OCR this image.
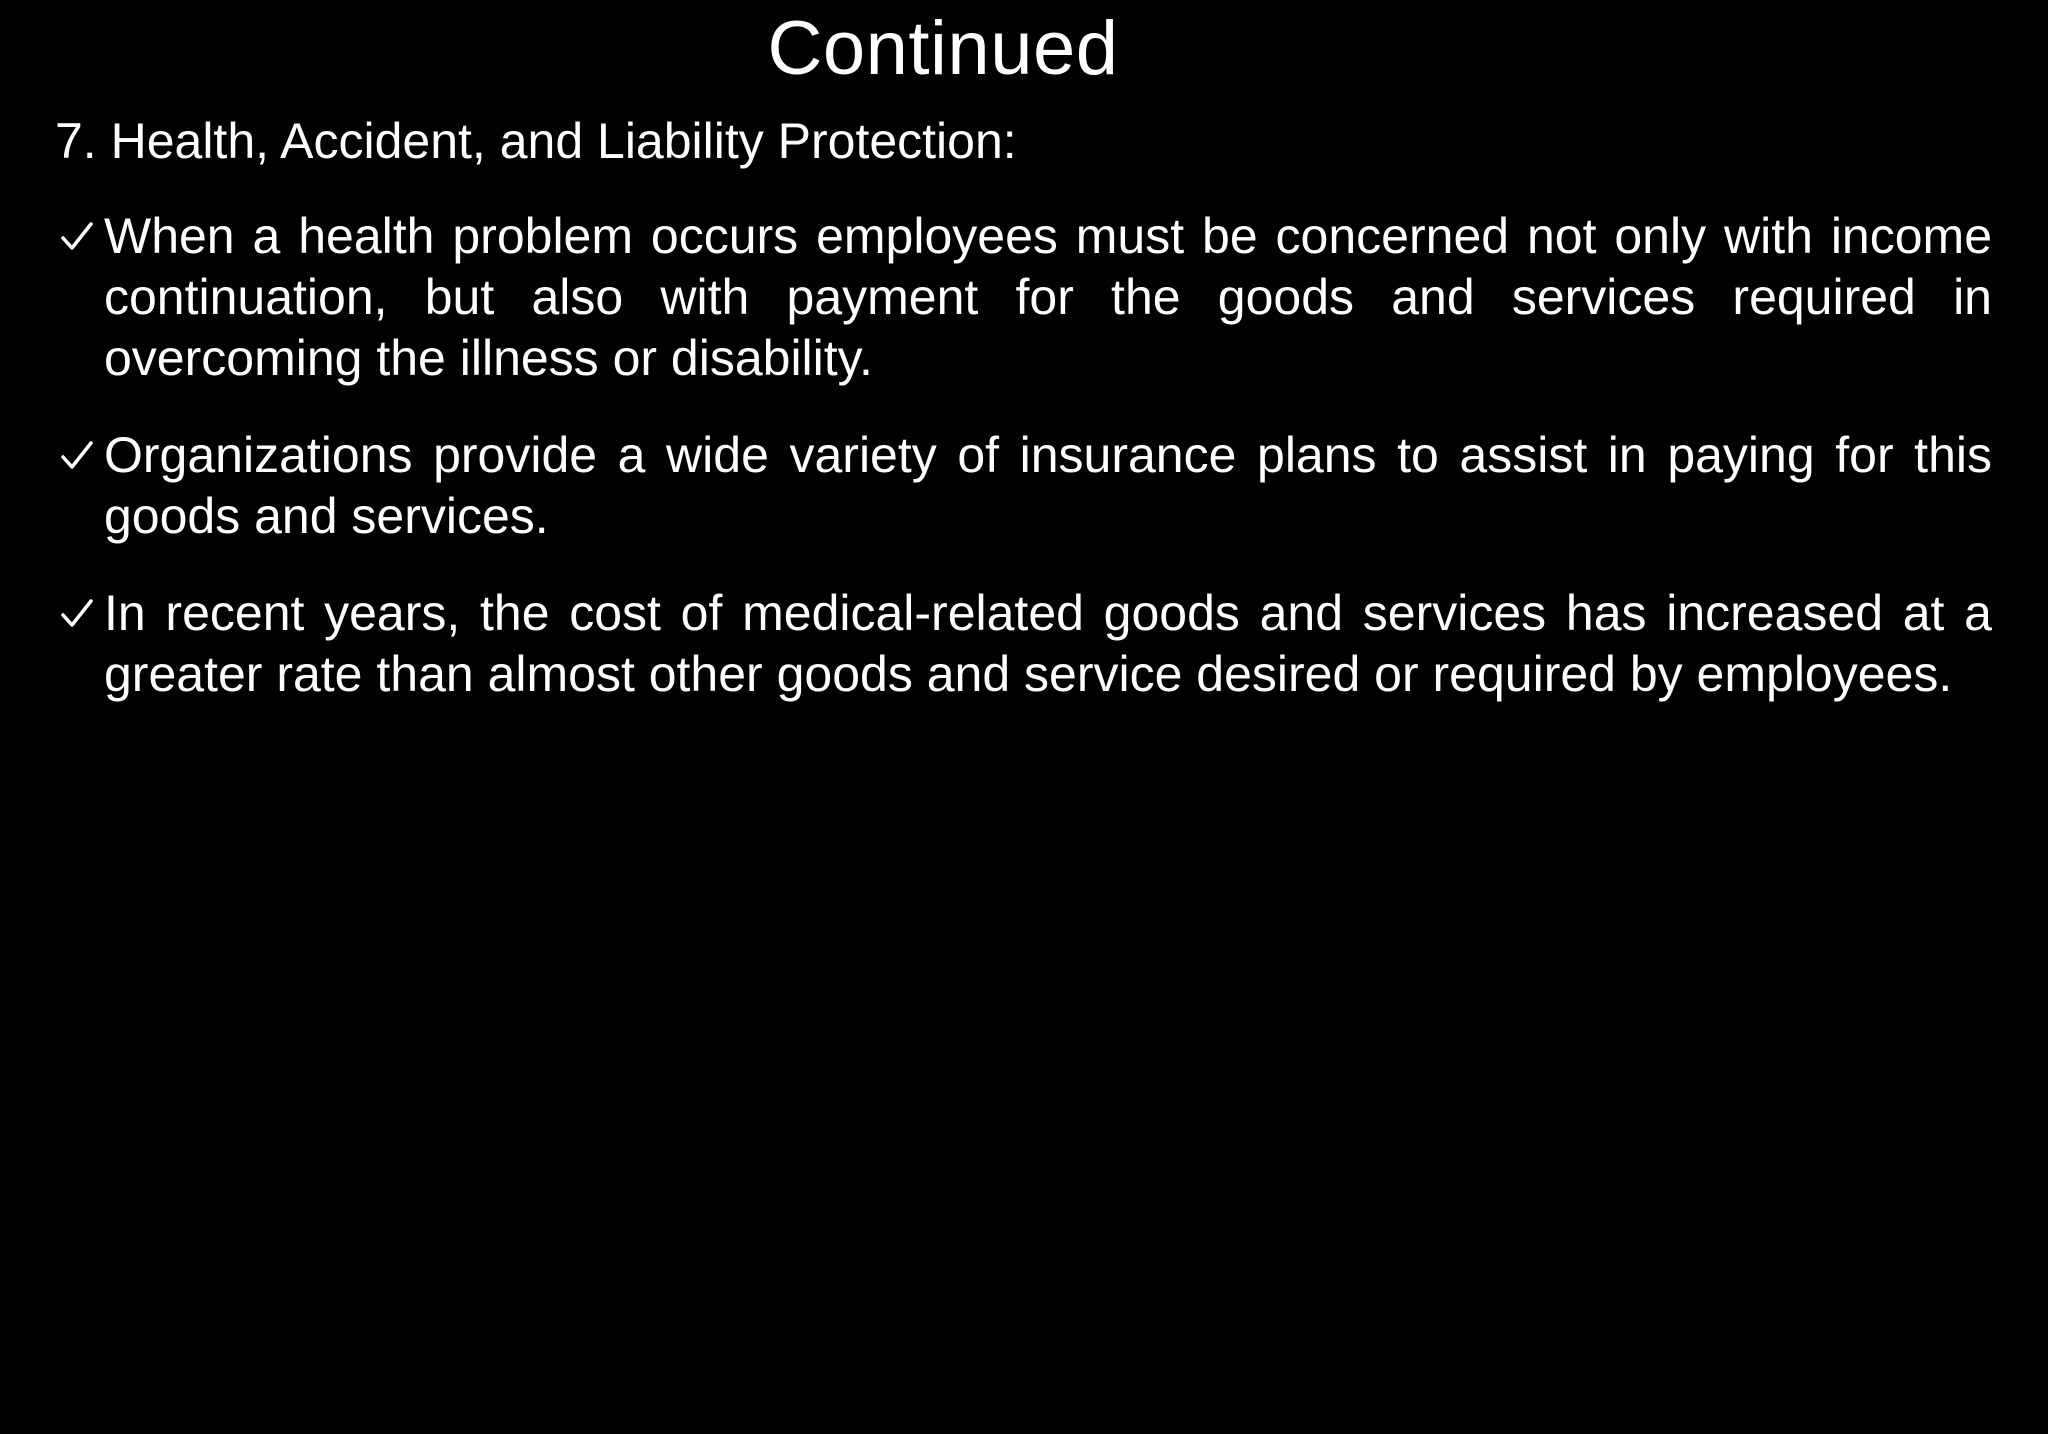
Continued

7. Health, Accident, and Liability Protection:

When a health problem occurs employees must be concerned not only with income continuation, but also with payment for the goods and services required in overcoming the illness or disability.
Organizations provide a wide variety of insurance plans to assist in paying for this goods and services.
In recent years, the cost of medical-related goods and services has increased at a greater rate than almost other goods and service desired or required by employees.
